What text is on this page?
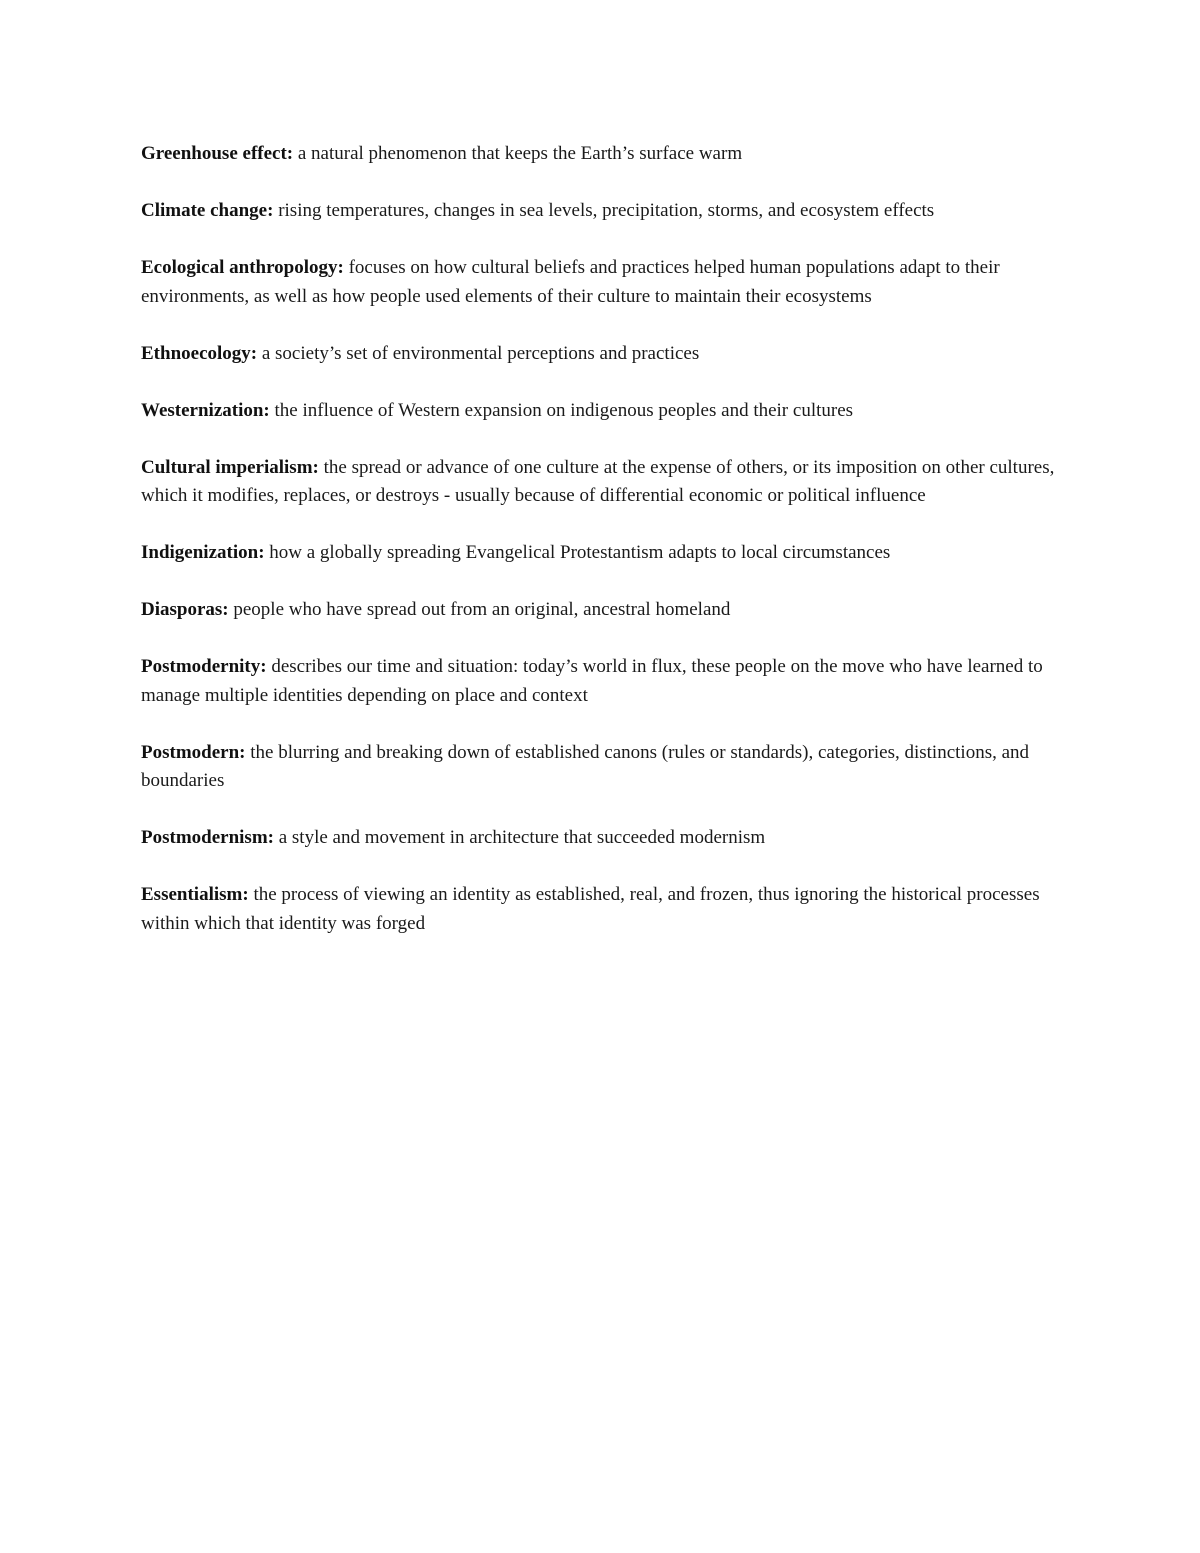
Greenhouse effect: a natural phenomenon that keeps the Earth’s surface warm

Climate change: rising temperatures, changes in sea levels, precipitation, storms, and ecosystem effects

Ecological anthropology: focuses on how cultural beliefs and practices helped human populations adapt to their environments, as well as how people used elements of their culture to maintain their ecosystems

Ethnoecology: a society’s set of environmental perceptions and practices

Westernization: the influence of Western expansion on indigenous peoples and their cultures

Cultural imperialism: the spread or advance of one culture at the expense of others, or its imposition on other cultures, which it modifies, replaces, or destroys - usually because of differential economic or political influence

Indigenization: how a globally spreading Evangelical Protestantism adapts to local circumstances

Diasporas: people who have spread out from an original, ancestral homeland

Postmodernity: describes our time and situation: today’s world in flux, these people on the move who have learned to manage multiple identities depending on place and context

Postmodern: the blurring and breaking down of established canons (rules or standards), categories, distinctions, and boundaries

Postmodernism: a style and movement in architecture that succeeded modernism

Essentialism: the process of viewing an identity as established, real, and frozen, thus ignoring the historical processes within which that identity was forged
